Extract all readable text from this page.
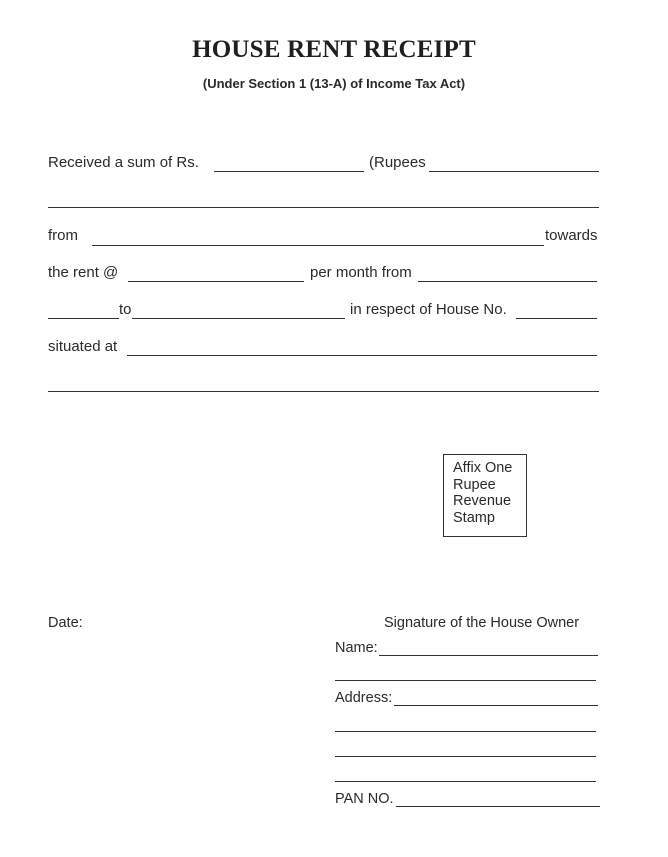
HOUSE RENT RECEIPT
(Under Section 1 (13-A) of Income Tax Act)
Received a sum of Rs.	(Rupees
from	towards
the rent @	per month from
to	in respect of House No.
situated at
Affix One
Rupee
Revenue
Stamp
Date:	Signature of the House Owner
Name:
Address:
PAN NO.
